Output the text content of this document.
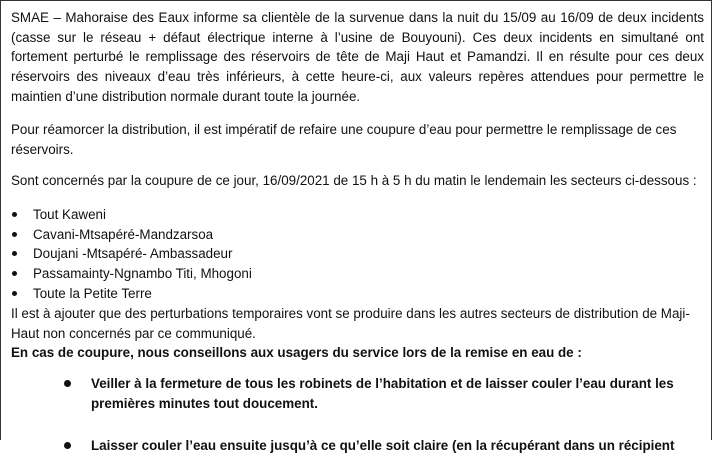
SMAE – Mahoraise des Eaux informe sa clientèle de la survenue dans la nuit du 15/09 au 16/09 de deux incidents (casse sur le réseau + défaut électrique interne à l’usine de Bouyouni). Ces deux incidents en simultané ont fortement perturbé le remplissage des réservoirs de tête de Maji Haut et Pamandzi. Il en résulte pour ces deux réservoirs des niveaux d’eau très inférieurs, à cette heure-ci, aux valeurs repères attendues pour permettre le maintien d’une distribution normale durant toute la journée.

Pour réamorcer la distribution, il est impératif de refaire une coupure d’eau pour permettre le remplissage de ces réservoirs.

Sont concernés par la coupure de ce jour, 16/09/2021 de 15 h à 5 h du matin le lendemain les secteurs ci-dessous :

Tout Kaweni
Cavani-Mtsapéré-Mandzarsoa
Doujani -Mtsapéré- Ambassadeur
Passamainty-Ngnambo Titi, Mhogoni
Toute la Petite Terre

Il est à ajouter que des perturbations temporaires vont se produire dans les autres secteurs de distribution de Maji-Haut non concernés par ce communiqué.

En cas de coupure, nous conseillons aux usagers du service lors de la remise en eau de :

Veiller à la fermeture de tous les robinets de l’habitation et de laisser couler l’eau durant les premières minutes tout doucement.
Laisser couler l’eau ensuite jusqu’à ce qu’elle soit claire (en la récupérant dans un récipient
